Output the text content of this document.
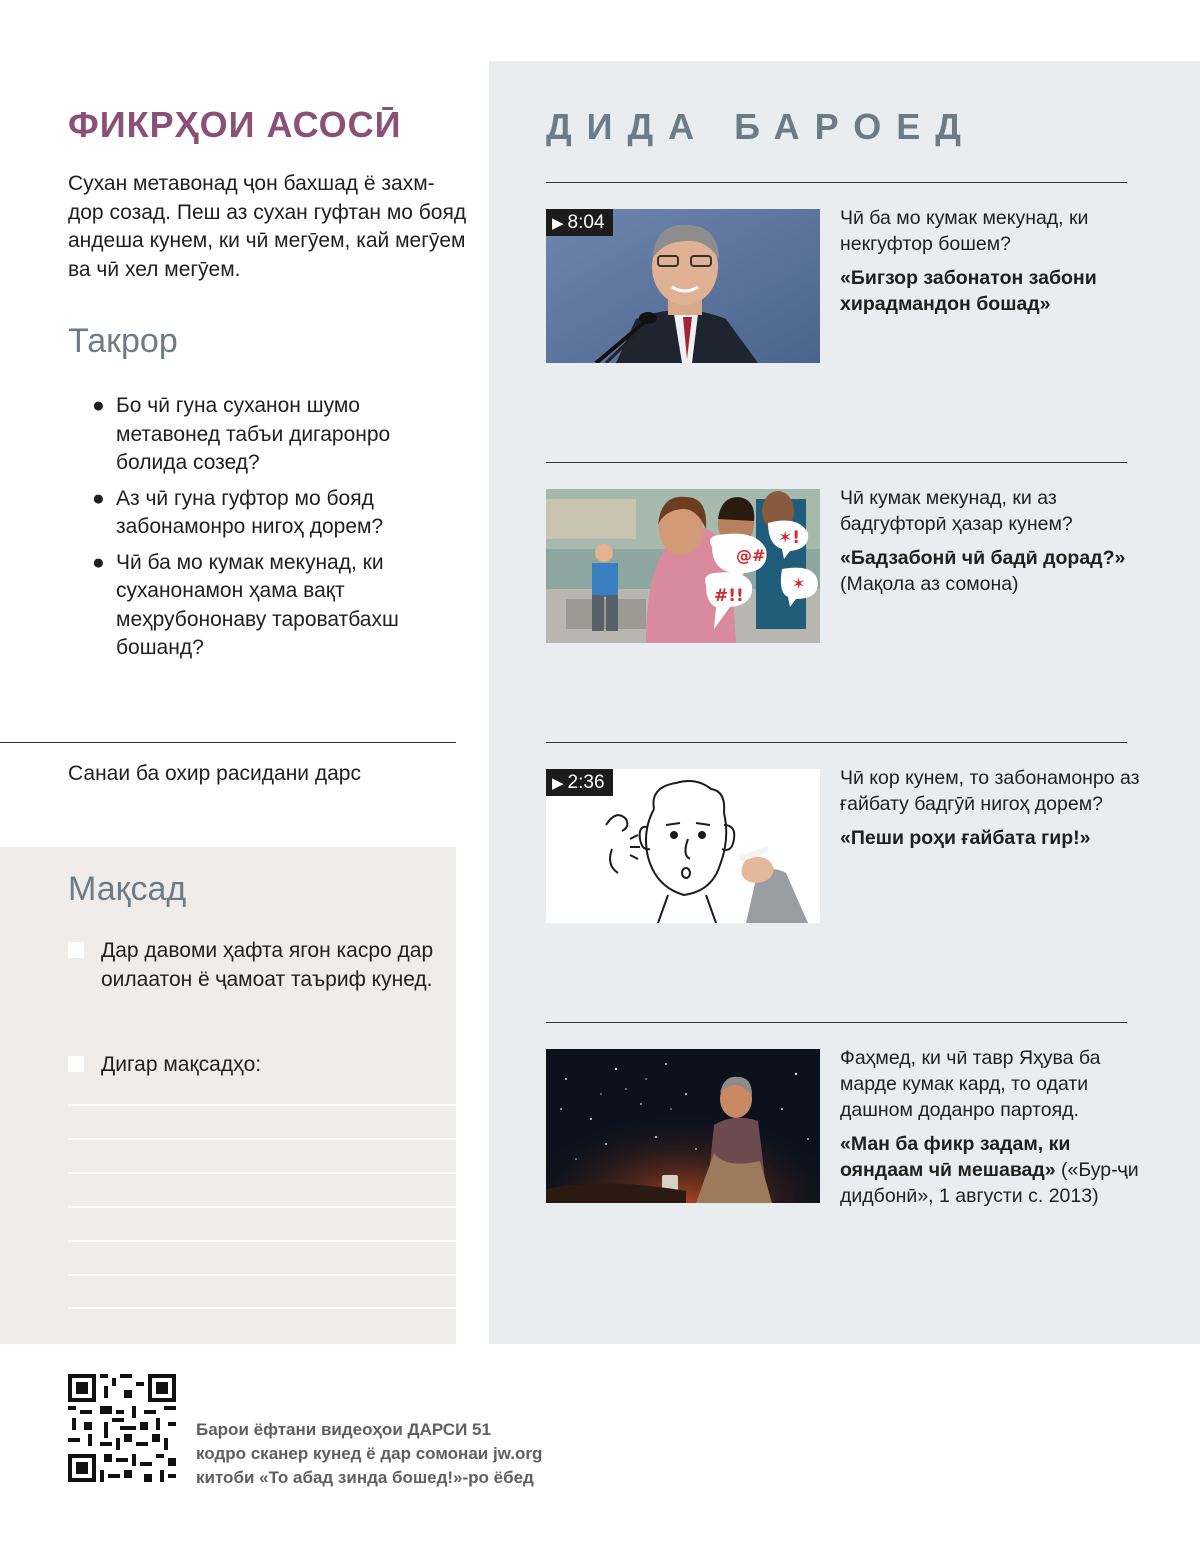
ФИКРҲОИ АСОСӢ
Сухан метавонад ҷон бахшад ё захм-дор созад. Пеш аз сухан гуфтан мо бояд андеша кунем, ки чӣ мегӯем, кай мегӯем ва чӣ хел мегӯем.
Такрор
● Бо чӣ гуна суханон шумо метавонед табъи дигаронро болида созед?
● Аз чӣ гуна гуфтор мо бояд забонамонро нигоҳ дорем?
● Чӣ ба мо кумак мекунад, ки суханонамон ҳама вақт меҳрубононаву тароватбахш бошанд?
Санаи ба охир расидани дарс
Мақсад
Дар давоми ҳафта ягон касро дар оилаатон ё ҷамоат таъриф кунед.
Дигар мақсадҳо:
ДИДА БАРОЕД
▶ 8:04	Чӣ ба мо кумак мекунад, ки некгуфтор бошем?
«Бигзор забонатон забони хирадмандон бошад»
@#
#!!
✶
✶!
Чӣ кумак мекунад, ки аз бадгуфторӣ ҳазар кунем?
«Бадзабонӣ чӣ бадӣ дорад?» (Мақола аз сомона)
▶ 2:36	Чӣ кор кунем, то забонамонро аз ғайбату бадгӯӣ нигоҳ дорем?
«Пеши роҳи ғайбата гир!»
Фаҳмед, ки чӣ тавр Яҳува ба марде кумак кард, то одати дашном доданро партояд.
«Ман ба фикр задам, ки ояндаам чӣ мешавад» («Бур-ҷи дидбонӣ», 1 августи с. 2013)
Барои ёфтани видеоҳои ДАРСИ 51
кодро сканер кунед ё дар сомонаи jw.org
китоби «То абад зинда бошед!»-ро ёбед
